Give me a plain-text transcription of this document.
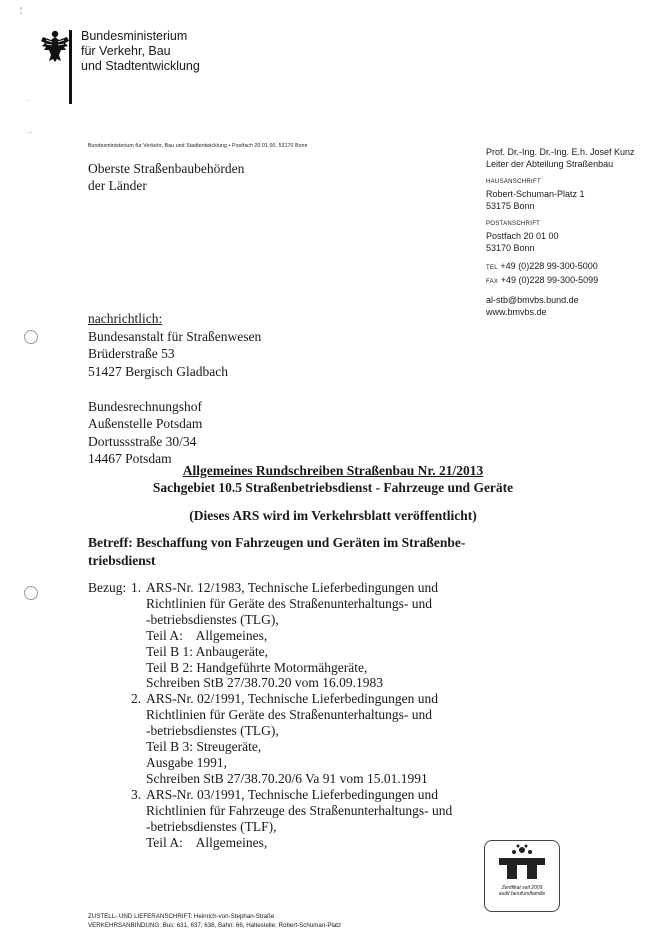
Bundesministerium
für Verkehr, Bau
und Stadtentwicklung
¦
·
··
Bundesministerium für Verkehr, Bau und Stadtentwicklung • Postfach 20 01 00, 53170 Bonn
Oberste Straßenbaubehörden
der Länder
Prof. Dr.-Ing. Dr.-Ing. E.h. Josef Kunz
Leiter der Abteilung Straßenbau
HAUSANSCHRIFT
Robert-Schuman-Platz 1
53175 Bonn
POSTANSCHRIFT
Postfach 20 01 00
53170 Bonn
TEL +49 (0)228 99-300-5000
FAX +49 (0)228 99-300-5099
al-stb@bmvbs.bund.de
www.bmvbs.de
nachrichtlich:
Bundesanstalt für Straßenwesen
Brüderstraße 53
51427 Bergisch Gladbach
Bundesrechnungshof
Außenstelle Potsdam
Dortussstraße 30/34
14467 Potsdam
Allgemeines Rundschreiben Straßenbau Nr. 21/2013
Sachgebiet 10.5 Straßenbetriebsdienst - Fahrzeuge und Geräte
(Dieses ARS wird im Verkehrsblatt veröffentlicht)
Betreff: Beschaffung von Fahrzeugen und Geräten im Straßenbe-
triebsdienst
Bezug: 1. ARS-Nr. 12/1983, Technische Lieferbedingungen und
Richtlinien für Geräte des Straßenunterhaltungs- und
-betriebsdienstes (TLG),
Teil A:    Allgemeines,
Teil B 1: Anbaugeräte,
Teil B 2: Handgeführte Motormähgeräte,
Schreiben StB 27/38.70.20 vom 16.09.1983
2. ARS-Nr. 02/1991, Technische Lieferbedingungen und
Richtlinien für Geräte des Straßenunterhaltungs- und
-betriebsdienstes (TLG),
Teil B 3: Streugeräte,
Ausgabe 1991,
Schreiben StB 27/38.70.20/6 Va 91 vom 15.01.1991
3. ARS-Nr. 03/1991, Technische Lieferbedingungen und
Richtlinien für Fahrzeuge des Straßenunterhaltungs- und
-betriebsdienstes (TLF),
Teil A:    Allgemeines,
Zertifikat seit 2009
audit berufundfamilie
ZUSTELL- UND LIEFERANSCHRIFT: Heinrich-von-Stephan-Straße
VERKEHRSANBINDUNG: Bus: 631, 637, 638, Bahn: 66, Haltestelle: Robert-Schuman-Platz
